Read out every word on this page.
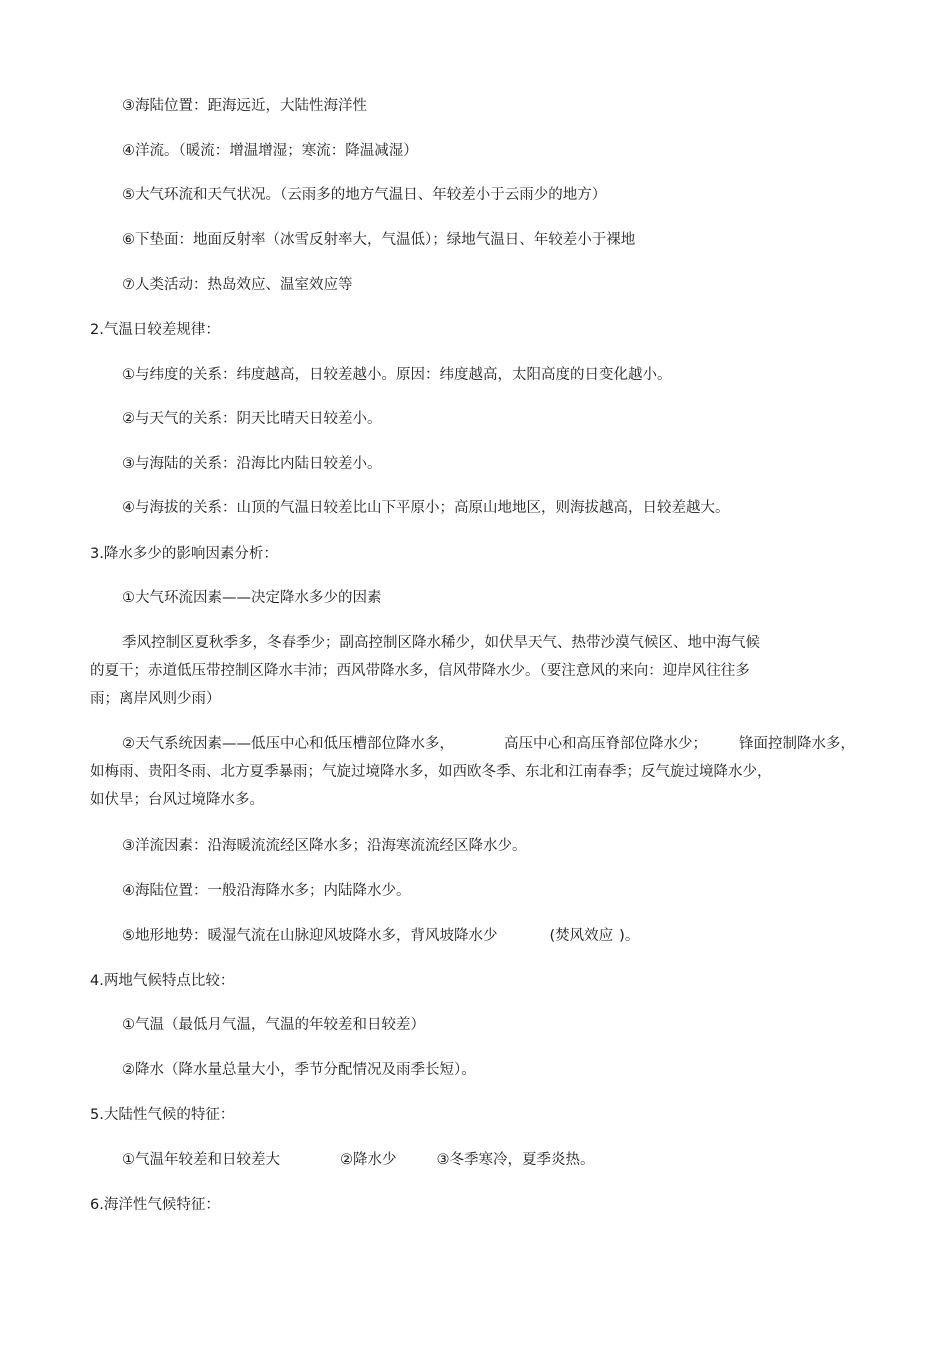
③海陆位置：距海远近，大陆性海洋性

④洋流。（暖流：增温增湿；寒流：降温减湿）

⑤大气环流和天气状况。（云雨多的地方气温日、年较差小于云雨少的地方）

⑥下垫面：地面反射率（冰雪反射率大，气温低）；绿地气温日、年较差小于裸地

⑦人类活动：热岛效应、温室效应等

2.气温日较差规律：

①与纬度的关系：纬度越高，日较差越小。原因：纬度越高，太阳高度的日变化越小。

②与天气的关系：阴天比晴天日较差小。

③与海陆的关系：沿海比内陆日较差小。

④与海拔的关系：山顶的气温日较差比山下平原小；高原山地地区，则海拔越高，日较差越大。

3.降水多少的影响因素分析：

①大气环流因素——决定降水多少的因素

季风控制区夏秋季多，冬春季少；副高控制区降水稀少，如伏旱天气、热带沙漠气候区、地中海气候

的夏干；赤道低压带控制区降水丰沛；西风带降水多，信风带降水少。（要注意风的来向：迎岸风往往多

雨；离岸风则少雨）

②天气系统因素——低压中心和低压槽部位降水多，	高压中心和高压脊部位降水少； 锋面控制降水多，

如梅雨、贵阳冬雨、北方夏季暴雨；气旋过境降水多，如西欧冬季、东北和江南春季；反气旋过境降水少，

如伏旱；台风过境降水多。

③洋流因素：沿海暖流流经区降水多；沿海寒流流经区降水少。

④海陆位置：一般沿海降水多；内陆降水少。

⑤地形地势：暖湿气流在山脉迎风坡降水多，背风坡降水少	(焚风效应 )。

4.两地气候特点比较：

①气温（最低月气温，气温的年较差和日较差）

②降水（降水量总量大小，季节分配情况及雨季长短）。

5.大陆性气候的特征：

①气温年较差和日较差大	②降水少	③冬季寒冷，夏季炎热。

6.海洋性气候特征：
